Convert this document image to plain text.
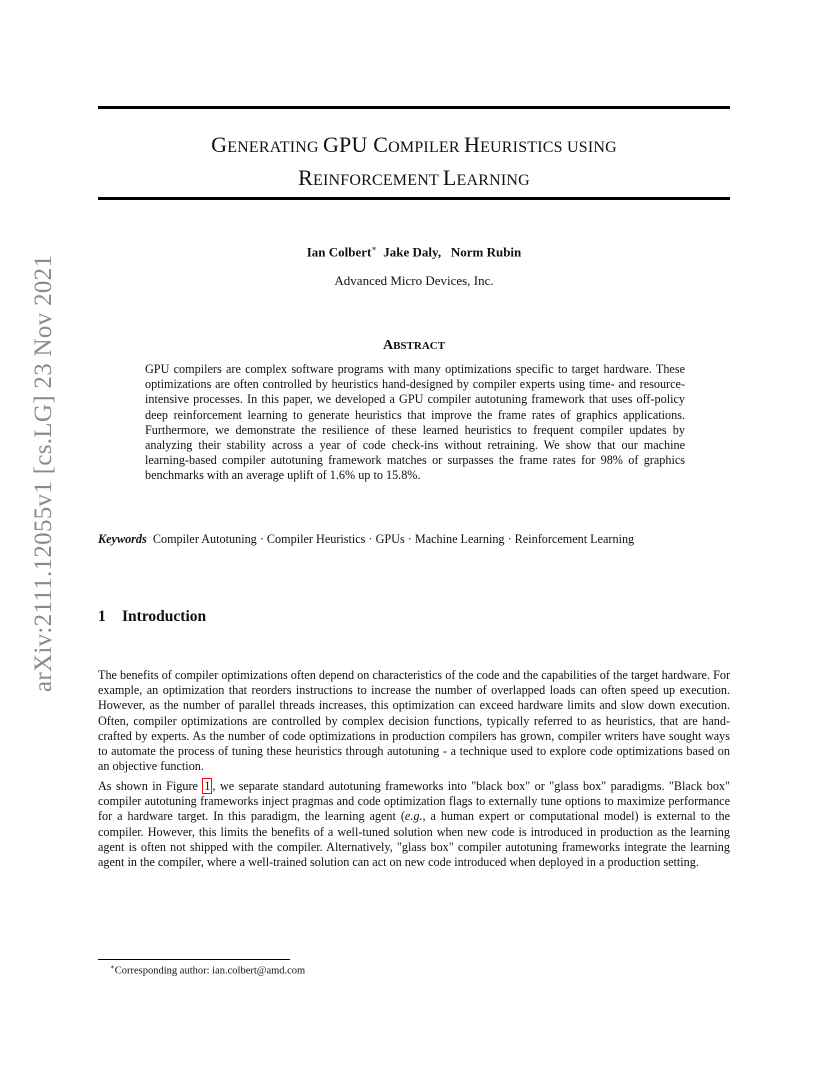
arXiv:2111.12055v1 [cs.LG] 23 Nov 2021
GENERATING GPU COMPILER HEURISTICS USING
REINFORCEMENT LEARNING
Ian Colbert∗ Jake Daly, Norm Rubin
Advanced Micro Devices, Inc.
ABSTRACT
GPU compilers are complex software programs with many optimizations specific to target hardware. These optimizations are often controlled by heuristics hand-designed by compiler experts using time- and resource-intensive processes. In this paper, we developed a GPU compiler autotuning framework that uses off-policy deep reinforcement learning to generate heuristics that improve the frame rates of graphics applications. Furthermore, we demonstrate the resilience of these learned heuristics to frequent compiler updates by analyzing their stability across a year of code check-ins without retraining. We show that our machine learning-based compiler autotuning framework matches or surpasses the frame rates for 98% of graphics benchmarks with an average uplift of 1.6% up to 15.8%.
Keywords Compiler Autotuning · Compiler Heuristics · GPUs · Machine Learning · Reinforcement Learning
1 Introduction
The benefits of compiler optimizations often depend on characteristics of the code and the capabilities of the target hardware. For example, an optimization that reorders instructions to increase the number of overlapped loads can often speed up execution. However, as the number of parallel threads increases, this optimization can exceed hardware limits and slow down execution. Often, compiler optimizations are controlled by complex decision functions, typically referred to as heuristics, that are hand-crafted by experts. As the number of code optimizations in production compilers has grown, compiler writers have sought ways to automate the process of tuning these heuristics through autotuning - a technique used to explore code optimizations based on an objective function.
As shown in Figure 1 , we separate standard autotuning frameworks into "black box" or "glass box" paradigms. "Black box" compiler autotuning frameworks inject pragmas and code optimization flags to externally tune options to maximize performance for a hardware target. In this paradigm, the learning agent (e.g., a human expert or computational model) is external to the compiler. However, this limits the benefits of a well-tuned solution when new code is introduced in production as the learning agent is often not shipped with the compiler. Alternatively, "glass box" compiler autotuning frameworks integrate the learning agent in the compiler, where a well-trained solution can act on new code introduced when deployed in a production setting.
∗Corresponding author: ian.colbert@amd.com
